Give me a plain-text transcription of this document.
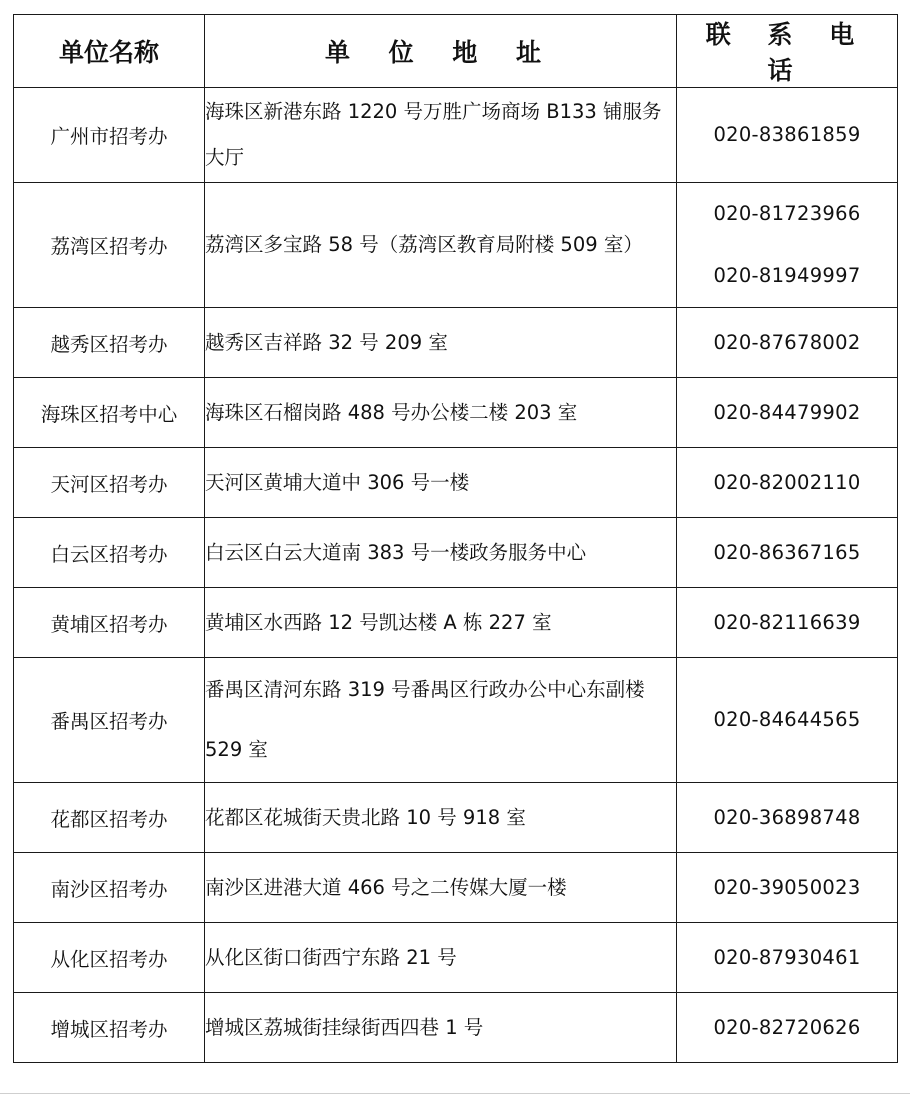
单位名称	单 位 地 址	联 系 电 话
广州市招考办	海珠区新港东路 1220 号万胜广场商场 B133 铺服务大厅	020-83861859

荔湾区招考办	荔湾区多宝路 58 号（荔湾区教育局附楼 509 室）	020-81723966
020-81949997

越秀区招考办	越秀区吉祥路 32 号 209 室	020-87678002

海珠区招考中心	海珠区石榴岗路 488 号办公楼二楼 203 室	020-84479902

天河区招考办	天河区黄埔大道中 306 号一楼	020-82002110

白云区招考办	白云区白云大道南 383 号一楼政务服务中心	020-86367165

黄埔区招考办	黄埔区水西路 12 号凯达楼 A 栋 227 室	020-82116639

番禺区招考办	番禺区清河东路 319 号番禺区行政办公中心东副楼 529 室	020-84644565

花都区招考办	花都区花城街天贵北路 10 号 918 室	020-36898748

南沙区招考办	南沙区进港大道 466 号之二传媒大厦一楼	020-39050023

从化区招考办	从化区街口街西宁东路 21 号	020-87930461

增城区招考办	增城区荔城街挂绿街西四巷 1 号	020-82720626
